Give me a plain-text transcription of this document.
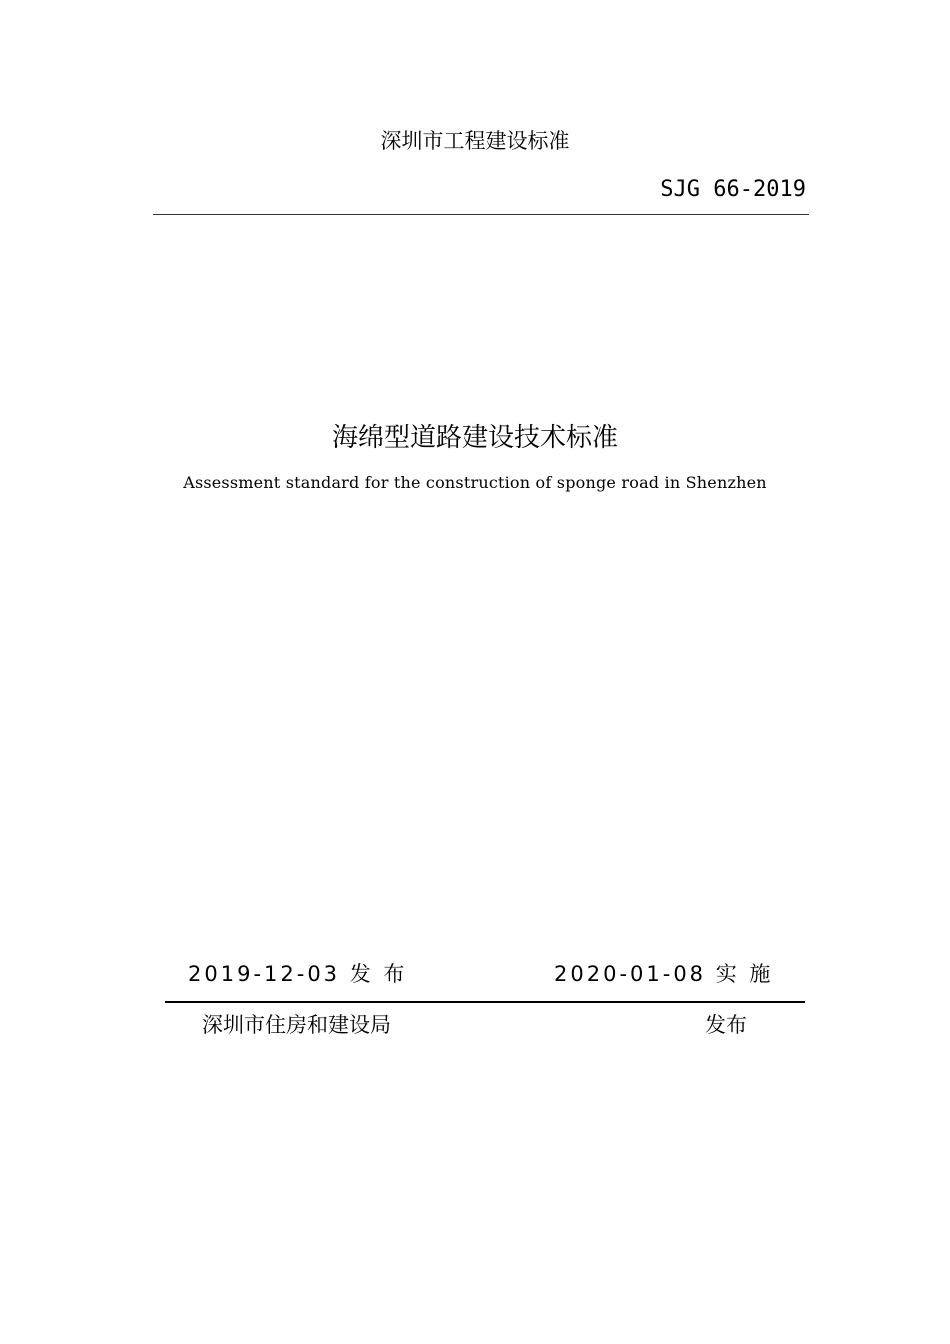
深圳市工程建设标准
SJG 66-2019
海绵型道路建设技术标准
Assessment standard for the construction of sponge road in Shenzhen
2019-12-03 发 布	2020-01-08 实 施
深圳市住房和建设局	发布
